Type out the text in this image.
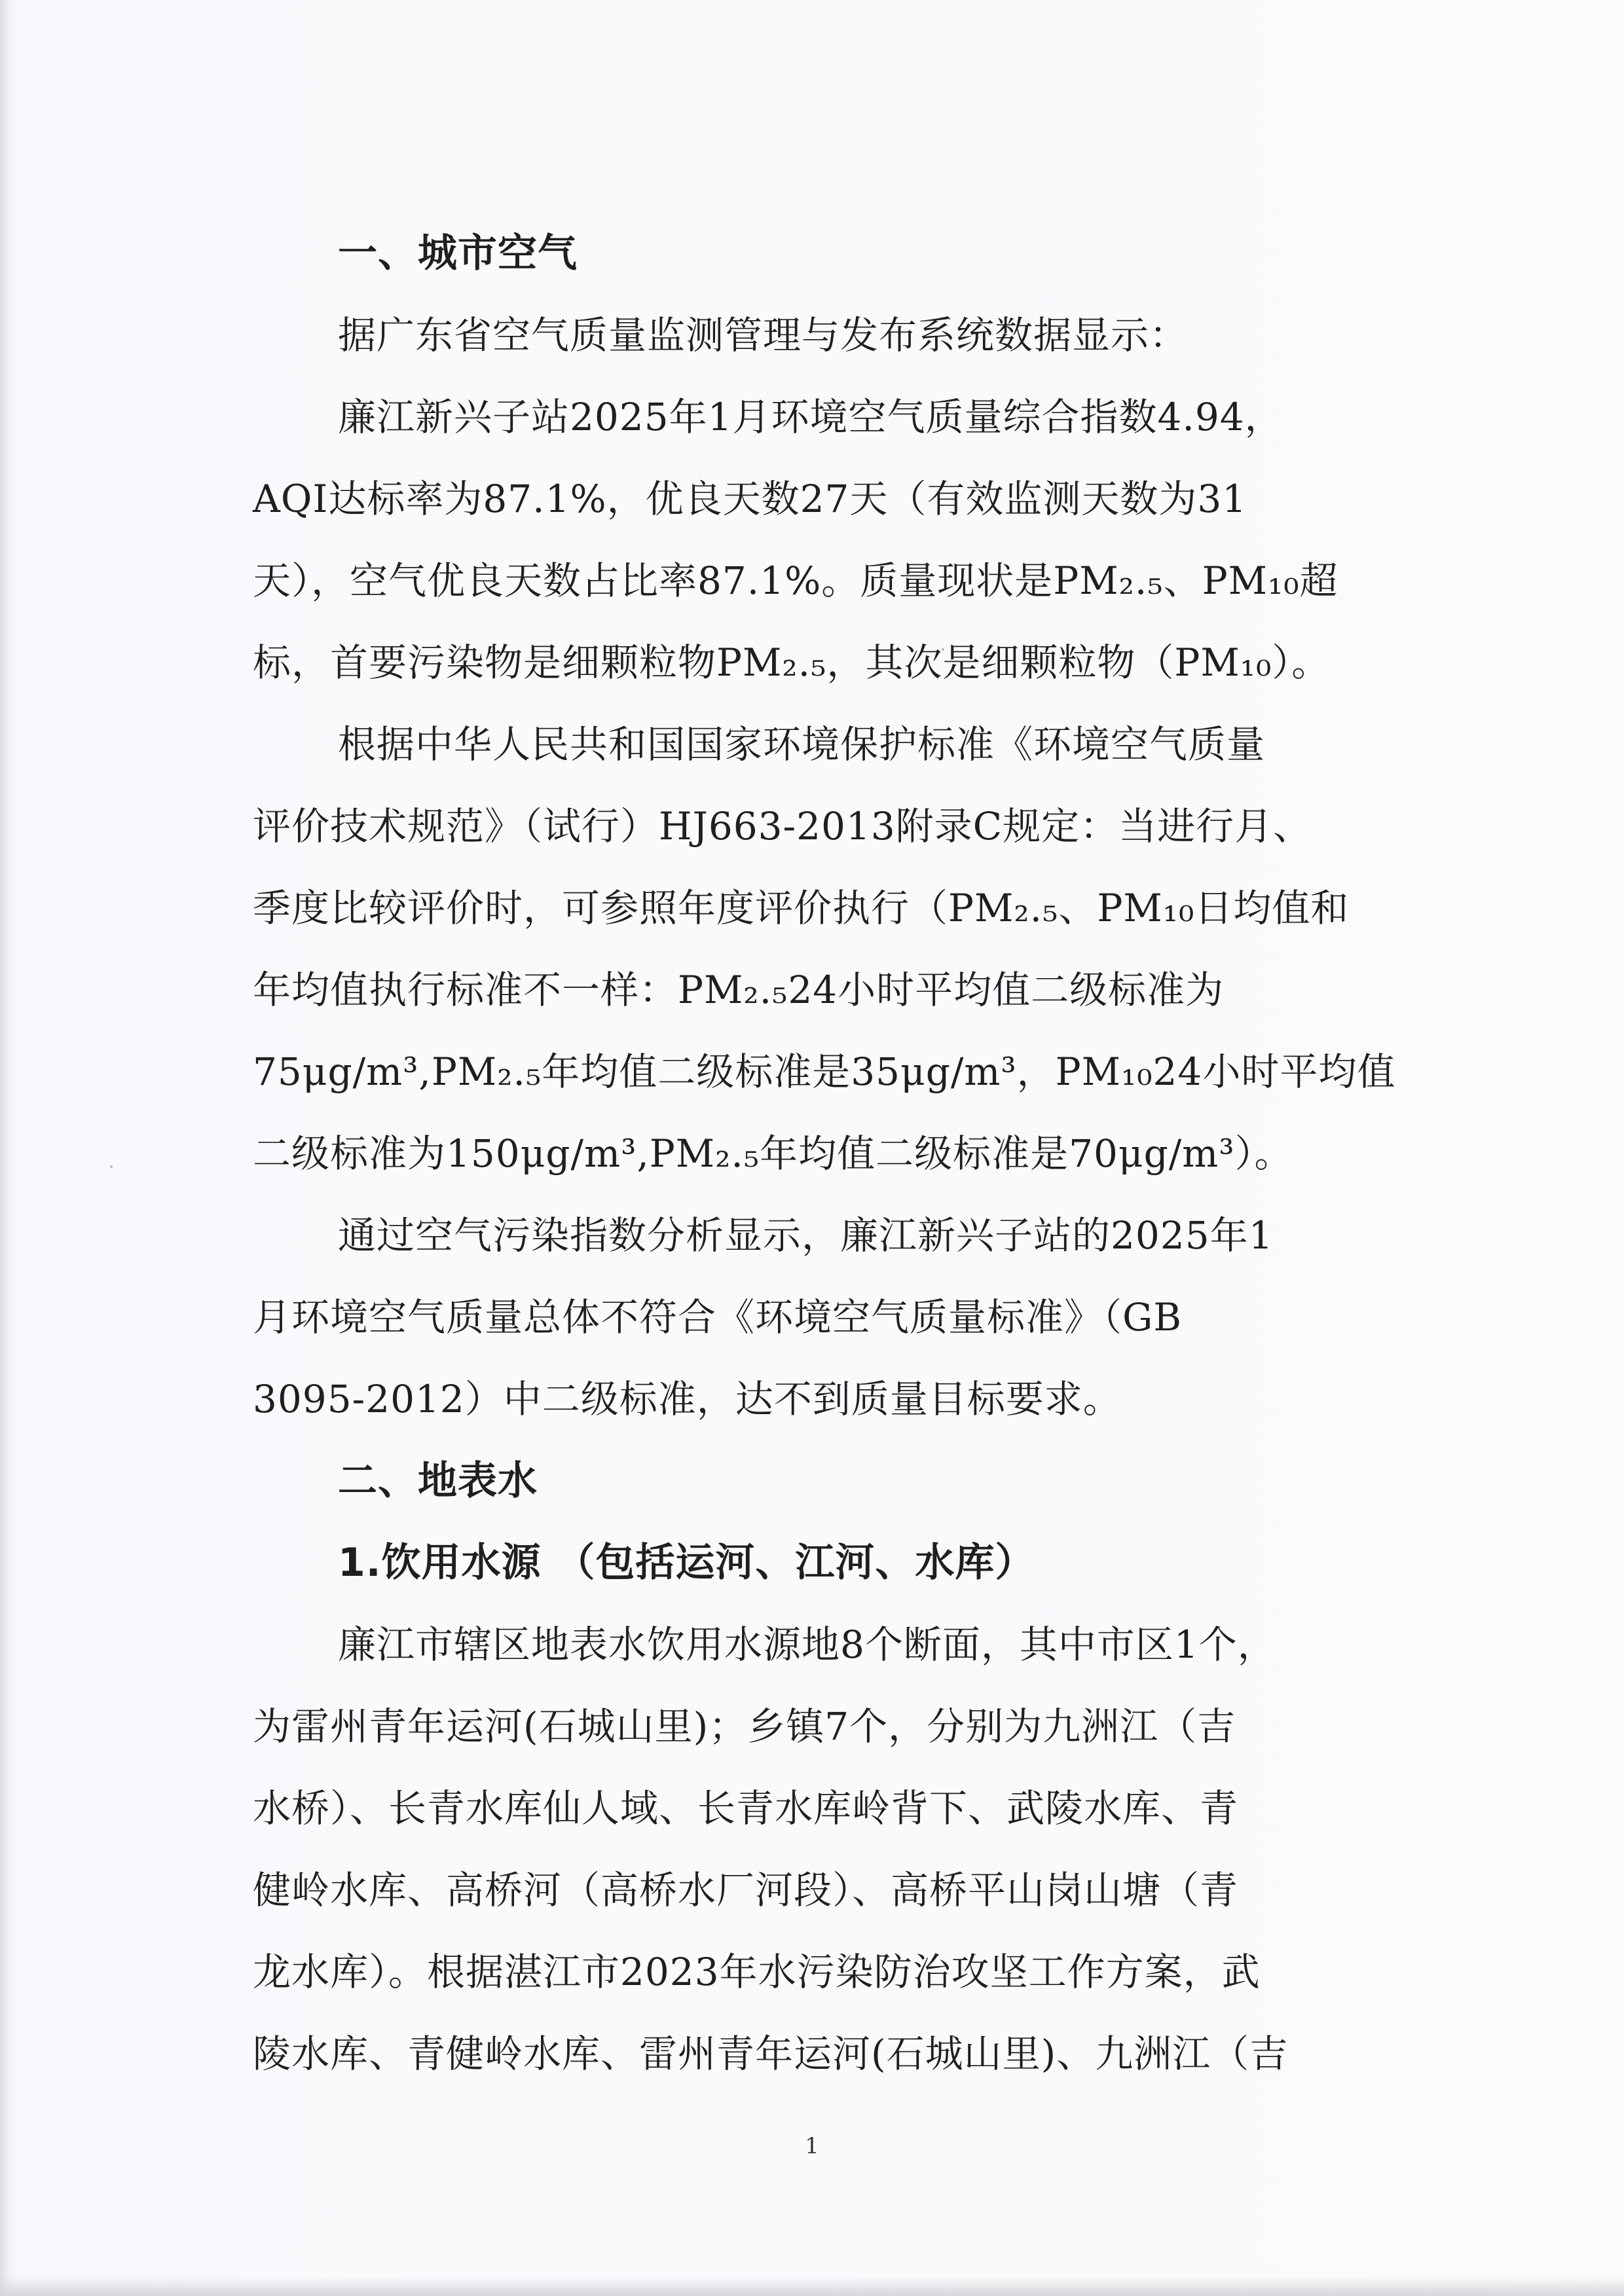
一、城市空气
据广东省空气质量监测管理与发布系统数据显示：
廉江新兴子站2025年1月环境空气质量综合指数4.94，
AQI达标率为87.1%，优良天数27天（有效监测天数为31
天），空气优良天数占比率87.1%。质量现状是PM₂.₅、PM₁₀超
标，首要污染物是细颗粒物PM₂.₅，其次是细颗粒物（PM₁₀）。
根据中华人民共和国国家环境保护标准《环境空气质量
评价技术规范》（试行）HJ663-2013附录C规定：当进行月、
季度比较评价时，可参照年度评价执行（PM₂.₅、PM₁₀日均值和
年均值执行标准不一样：PM₂.₅24小时平均值二级标准为
75μg/m³,PM₂.₅年均值二级标准是35μg/m³，PM₁₀24小时平均值
二级标准为150μg/m³,PM₂.₅年均值二级标准是70μg/m³）。
通过空气污染指数分析显示，廉江新兴子站的2025年1
月环境空气质量总体不符合《环境空气质量标准》（GB
3095-2012）中二级标准，达不到质量目标要求。
二、地表水
1.饮用水源 （包括运河、江河、水库）
廉江市辖区地表水饮用水源地8个断面，其中市区1个，
为雷州青年运河(石城山里)；乡镇7个，分别为九洲江（吉
水桥）、长青水库仙人域、长青水库岭背下、武陵水库、青
健岭水库、高桥河（高桥水厂河段）、高桥平山岗山塘（青
龙水库）。根据湛江市2023年水污染防治攻坚工作方案，武
陵水库、青健岭水库、雷州青年运河(石城山里)、九洲江（吉
1
